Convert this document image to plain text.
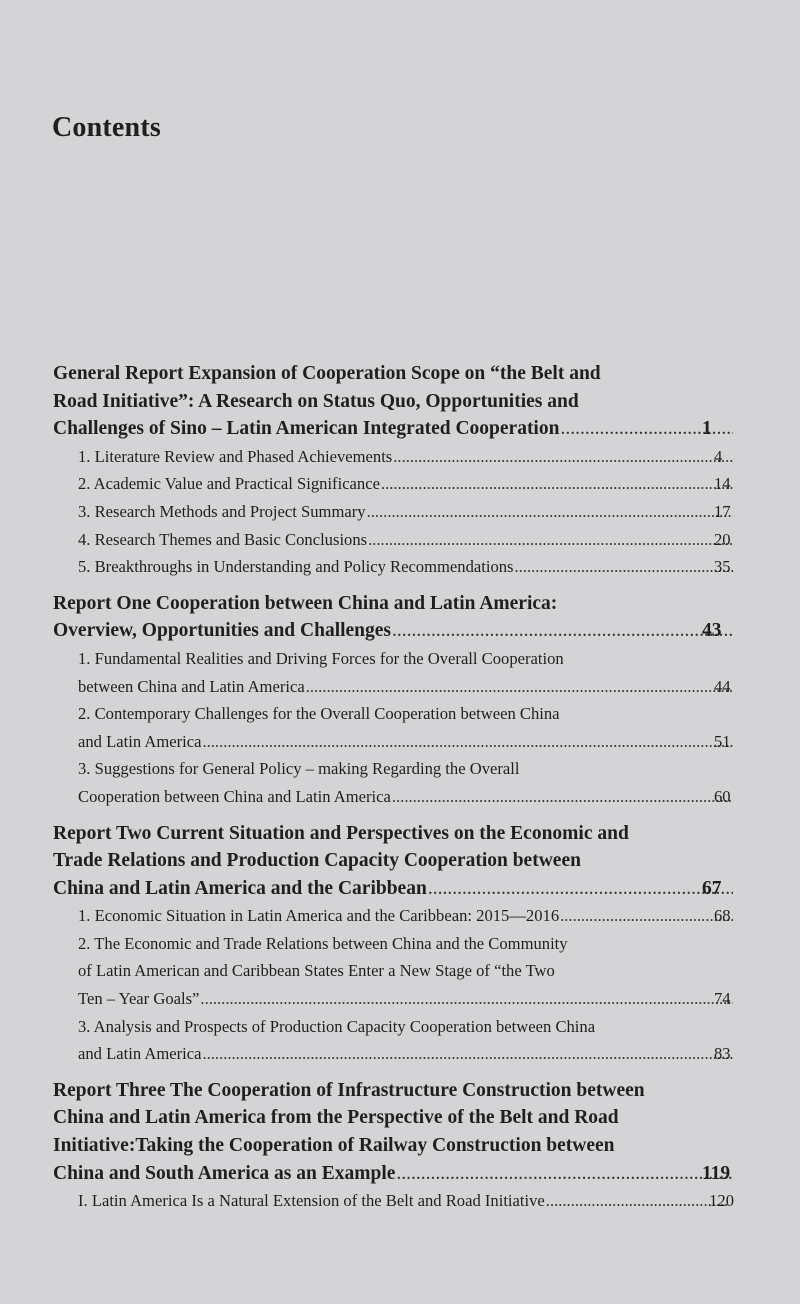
Contents
General Report Expansion of Cooperation Scope on “the Belt and
Road Initiative”: A Research on Status Quo, Opportunities and
Challenges of Sino – Latin American Integrated Cooperation .....	1
1. Literature Review and Phased Achievements .....	4
2. Academic Value and Practical Significance .....	14
3. Research Methods and Project Summary .....	17
4. Research Themes and Basic Conclusions .....	20
5. Breakthroughs in Understanding and Policy Recommendations .....	35
Report One Cooperation between China and Latin America:
Overview, Opportunities and Challenges .....	43
1. Fundamental Realities and Driving Forces for the Overall Cooperation
between China and Latin America .....	44
2. Contemporary Challenges for the Overall Cooperation between China
and Latin America .....	51
3. Suggestions for General Policy – making Regarding the Overall
Cooperation between China and Latin America .....	60
Report Two Current Situation and Perspectives on the Economic and
Trade Relations and Production Capacity Cooperation between
China and Latin America and the Caribbean .....	67
1. Economic Situation in Latin America and the Caribbean: 2015—2016 .....	68
2. The Economic and Trade Relations between China and the Community
of Latin American and Caribbean States Enter a New Stage of “the Two
Ten – Year Goals” .....	74
3. Analysis and Prospects of Production Capacity Cooperation between China
and Latin America .....	83
Report Three The Cooperation of Infrastructure Construction between
China and Latin America from the Perspective of the Belt and Road
Initiative:Taking the Cooperation of Railway Construction between
China and South America as an Example .....	119
I. Latin America Is a Natural Extension of the Belt and Road Initiative .....	120
